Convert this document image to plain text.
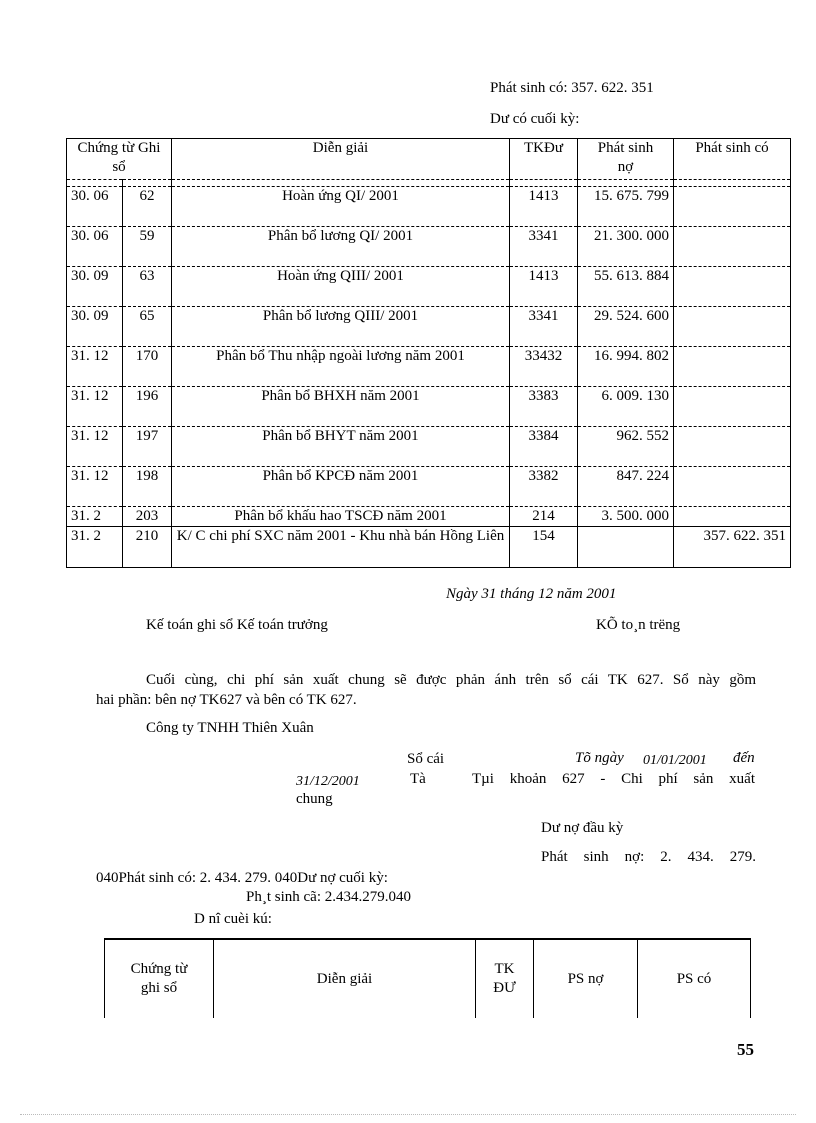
Phát sinh có: 357. 622. 351
Dư có cuối kỳ:
Chứng từ Ghi sổ		Diễn giải	TKĐư	Phát sinh nợ	Phát sinh có

30. 06	62	Hoàn ứng QI/ 2001	1413	15. 675. 799	
30. 06	59	Phân bổ lương QI/ 2001	3341	21. 300. 000	
30. 09	63	Hoàn ứng QIII/ 2001	1413	55. 613. 884	
30. 09	65	Phân bổ lương QIII/ 2001	3341	29. 524. 600	
31. 12	170	Phân bổ Thu nhập ngoài lương năm 2001	33432	16. 994. 802	
31. 12	196	Phân bổ BHXH năm 2001	3383	6. 009. 130	
31. 12	197	Phân bổ BHYT năm 2001	3384	962. 552	
31. 12	198	Phân bổ KPCĐ năm 2001	3382	847. 224	
31. 2	203	Phân bổ khấu hao TSCĐ năm 2001	214	3. 500. 000	
31. 2	210	K/ C chi phí SXC năm 2001 - Khu nhà bán Hồng Liên	154		357. 622. 351
Ngày 31 tháng 12 năm 2001
Kế toán ghi sổ Kế toán trưởng	KÕ to¸n trëng
Cuối cùng, chi phí sản xuất chung sẽ được phản ánh trên sổ cái TK 627. Sổ này gồm
hai phần: bên nợ TK627 và bên có TK 627.
Công ty TNHH Thiên Xuân
Sổ cái	Tõ ngày 01/01/2001 đến
31/12/2001	Tà	Tµi khoản 627 - Chi phí sản xuất
chung
Dư nợ đầu kỳ
Phát sinh nợ: 2. 434. 279.
040Phát sinh có: 2. 434. 279. 040Dư nợ cuối kỳ:
Ph¸t sinh cã: 2.434.279.040
D nî cuèi kú:
Chứng từ ghi sổ	Diễn giải	TK ĐƯ	PS nợ	PS có
55
